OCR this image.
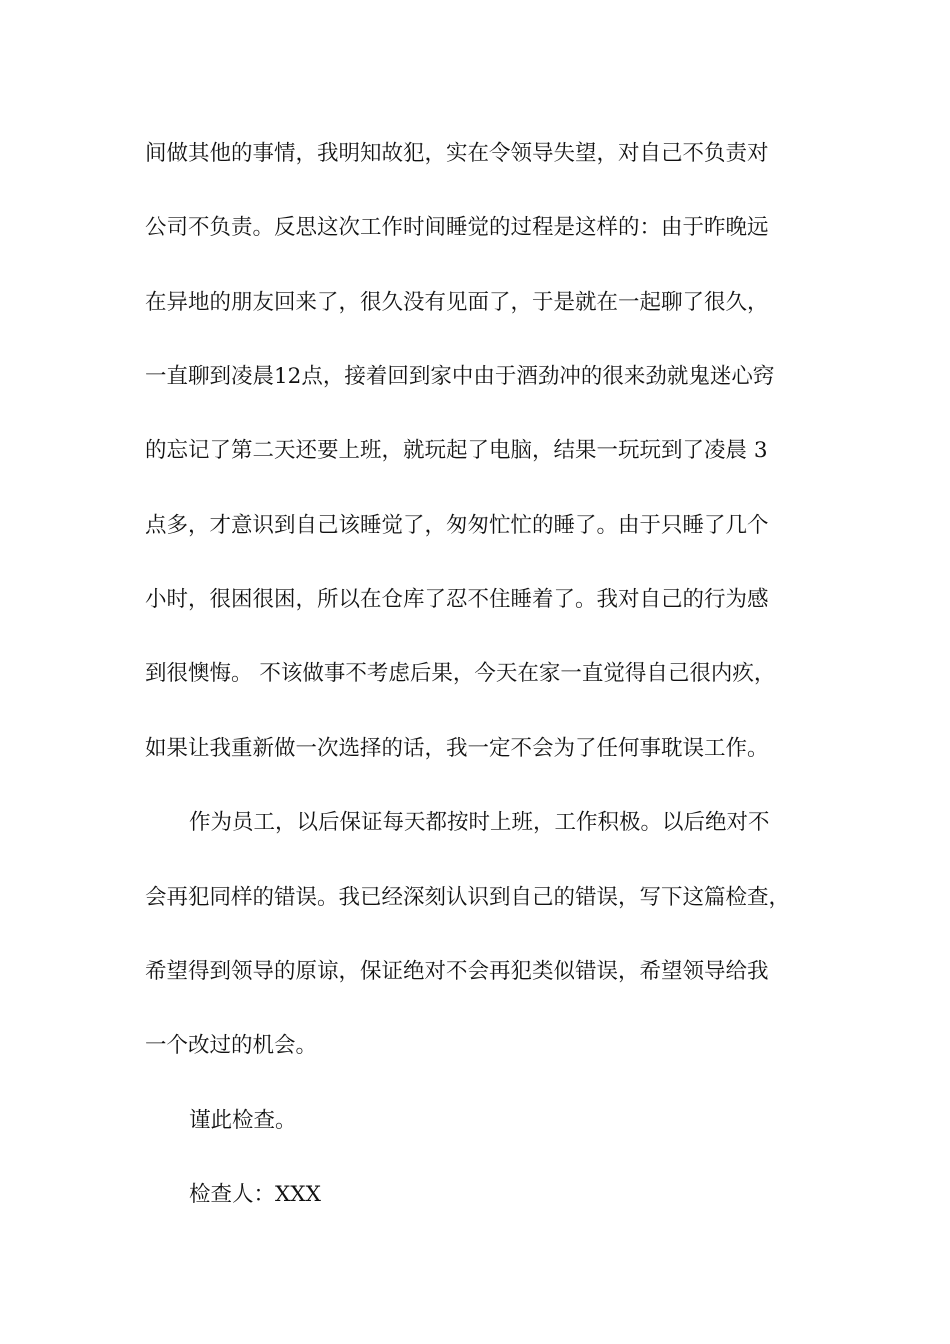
间做其他的事情，我明知故犯，实在令领导失望，对自己不负责对
公司不负责。反思这次工作时间睡觉的过程是这样的：由于昨晚远
在异地的朋友回来了，很久没有见面了，于是就在一起聊了很久，
一直聊到凌晨12点，接着回到家中由于酒劲冲的很来劲就鬼迷心窍
的忘记了第二天还要上班，就玩起了电脑，结果一玩玩到了凌晨 3
点多，才意识到自己该睡觉了，匆匆忙忙的睡了。由于只睡了几个
小时，很困很困，所以在仓库了忍不住睡着了。我对自己的行为感
到很懊悔。 不该做事不考虑后果，今天在家一直觉得自己很内疚，
如果让我重新做一次选择的话，我一定不会为了任何事耽误工作。
作为员工，以后保证每天都按时上班，工作积极。以后绝对不
会再犯同样的错误。我已经深刻认识到自己的错误，写下这篇检查，
希望得到领导的原谅，保证绝对不会再犯类似错误，希望领导给我
一个改过的机会。
谨此检查。
检查人：XXX
